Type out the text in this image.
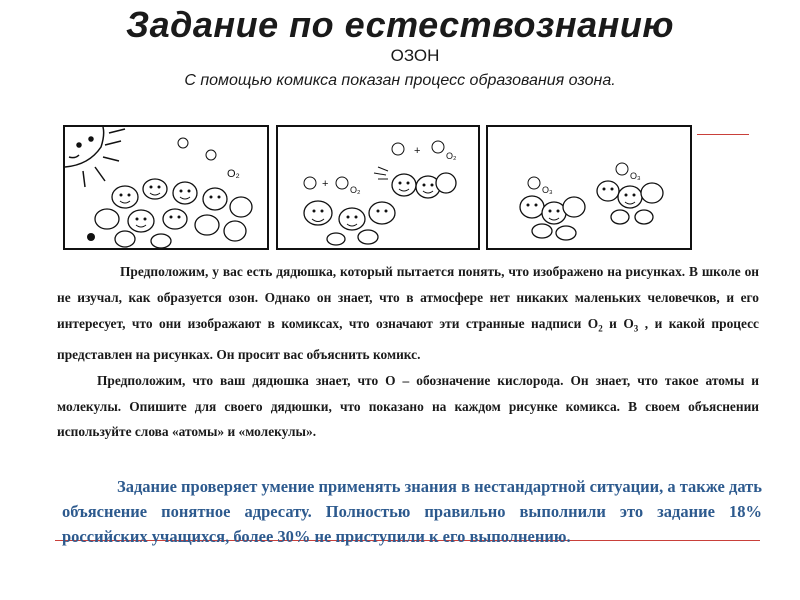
Задание по естествознанию
ОЗОН
С помощью комикса показан процесс образования озона.
O₂
+	O₂
+ O₂
O₃
O₃

Предположим, у вас есть дядюшка, который пытается понять, что изображено на рисунках. В школе он не изучал, как образуется озон. Однако он знает, что в атмосфере нет никаких маленьких человечков, и его интересует, что они изображают в комиксах, что означают эти странные надписи $O_2$ и $O_3$ , и какой процесс представлен на рисунках. Он просит вас объяснить комикс.

Предположим, что ваш дядюшка знает, что О – обозначение кислорода. Он знает, что такое атомы и молекулы. Опишите для своего дядюшки, что показано на каждом рисунке комикса. В своем объяснении используйте слова «атомы» и «молекулы».

Задание проверяет умение применять знания в нестандартной ситуации, а также дать объяснение понятное адресату. Полностью правильно выполнили это задание 18% российских учащихся, более 30% не приступили к его выполнению.
